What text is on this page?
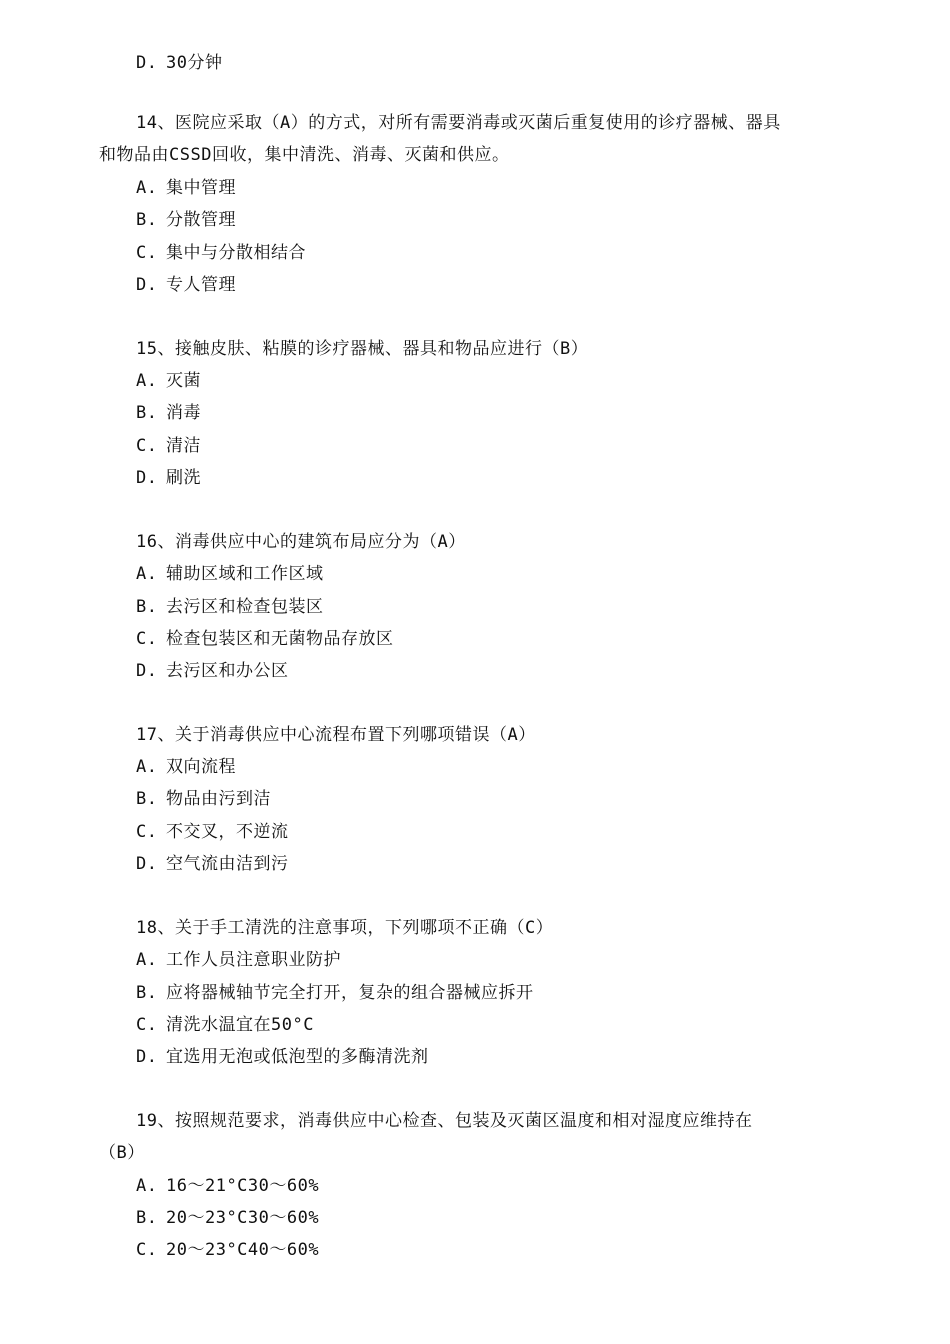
D. 30分钟
14、医院应采取（A）的方式，对所有需要消毒或灭菌后重复使用的诊疗器械、器具
和物品由CSSD回收，集中清洗、消毒、灭菌和供应。
A. 集中管理
B. 分散管理
C. 集中与分散相结合
D. 专人管理
15、接触皮肤、粘膜的诊疗器械、器具和物品应进行（B）
A. 灭菌
B. 消毒
C. 清洁
D. 刷洗
16、消毒供应中心的建筑布局应分为（A）
A. 辅助区域和工作区域
B. 去污区和检查包装区
C. 检查包装区和无菌物品存放区
D. 去污区和办公区
17、关于消毒供应中心流程布置下列哪项错误（A）
A. 双向流程
B. 物品由污到洁
C. 不交叉，不逆流
D. 空气流由洁到污
18、关于手工清洗的注意事项，下列哪项不正确（C）
A. 工作人员注意职业防护
B. 应将器械轴节完全打开，复杂的组合器械应拆开
C. 清洗水温宜在50°C
D. 宜选用无泡或低泡型的多酶清洗剂
19、按照规范要求，消毒供应中心检查、包装及灭菌区温度和相对湿度应维持在
（B）
A. 16～21°C30～60%
B. 20～23°C30～60%
C. 20～23°C40～60%
